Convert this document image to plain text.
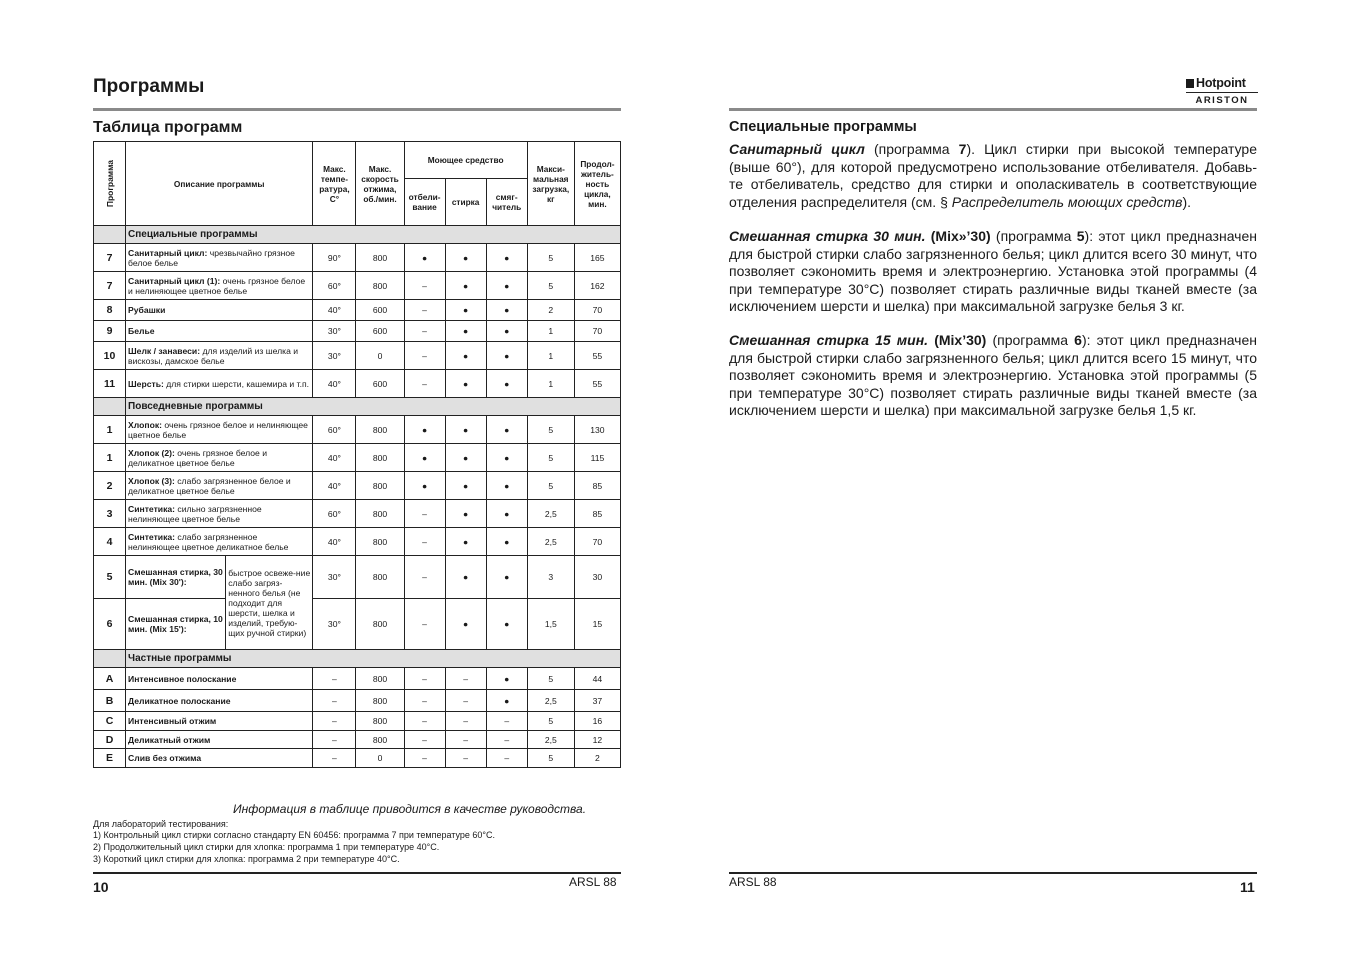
Программы
Таблица программ
Программа	Описание программы		Макс. темпе- ратура, C°	Макс. скорость отжима, об./мин.	Моющее средство			Макси- мальная загрузка, кг	Продол- житель- ность цикла, мин.
					отбели- вание	стирка	смяг- читель		
	Специальные программы								
7	Санитарный цикл: чрезвычайно грязное белое белье		90°	800	●	●	●	5	165
7	Санитарный цикл (1): очень грязное белое и нелиняющее цветное белье		60°	800	–	●	●	5	162
8	Рубашки		40°	600	–	●	●	2	70
9	Белье		30°	600	–	●	●	1	70
10	Шелк / занавеси: для изделий из шелка и вискозы, дамское белье		30°	0	–	●	●	1	55
11	Шерсть: для стирки шерсти, кашемира и т.п.		40°	600	–	●	●	1	55
	Повседневные программы								
1	Хлопок: очень грязное белое и нелиняющее цветное белье		60°	800	●	●	●	5	130
1	Хлопок (2): очень грязное белое и деликатное цветное белье		40°	800	●	●	●	5	115
2	Хлопок (3): слабо загрязненное белое и деликатное цветное белье		40°	800	●	●	●	5	85
3	Синтетика: сильно загрязненное нелиняющее цветное белье		60°	800	–	●	●	2,5	85
4	Синтетика: слабо загрязненное нелиняющее цветное деликатное белье		40°	800	–	●	●	2,5	70
5	Смешанная стирка, 30 мин. (Mix 30'):	быстрое освеже-ние слабо загряз-ненного белья (не подходит для шерсти, шелка и изделий, требую-щих ручной стирки)	30°	800	–	●	●	3	30
6	Смешанная стирка, 10 мин. (Mix 15'):		30°	800	–	●	●	1,5	15
	Частные программы								
A	Интенсивное полоскание		–	800	–	–	●	5	44
B	Деликатное полоскание		–	800	–	–	●	2,5	37
C	Интенсивный отжим		–	800	–	–	–	5	16
D	Деликатный отжим		–	800	–	–	–	2,5	12
E	Слив без отжима		–	0	–	–	–	5	2
Информация в таблице приводится в качестве руководства.
Для лабораторий тестирования:
1) Контрольный цикл стирки согласно стандарту EN 60456: программа 7 при температуре 60°C.
2) Продолжительный цикл стирки для хлопка: программа 1 при температуре 40°C.
3) Короткий цикл стирки для хлопка: программа 2 при температуре 40°C.
10	ARSL 88
Hotpoint
ARISTON
Специальные программы
Санитарный цикл (программа 7). Цикл стирки при высокой температуре (выше 60°), для которой предусмотрено использование отбеливателя. Добавь-те отбеливатель, средство для стирки и ополаскиватель в соответствующие отделения распределителя (см. § Распределитель моющих средств).
Смешанная стирка 30 мин. (Mix»’30) (программа 5): этот цикл предназначен для быстрой стирки слабо загрязненного белья; цикл длится всего 30 минут, что позволяет сэкономить время и электроэнергию. Установка этой программы (4 при температуре 30°C) позволяет стирать различные виды тканей вместе (за исключением шерсти и шелка) при максимальной загрузке белья 3 кг.
Смешанная стирка 15 мин. (Mix’30) (программа 6): этот цикл предназначен для быстрой стирки слабо загрязненного белья; цикл длится всего 15 минут, что позволяет сэкономить время и электроэнергию. Установка этой программы (5 при температуре 30°C) позволяет стирать различные виды тканей вместе (за исключением шерсти и шелка) при максимальной загрузке белья 1,5 кг.
ARSL 88	11
